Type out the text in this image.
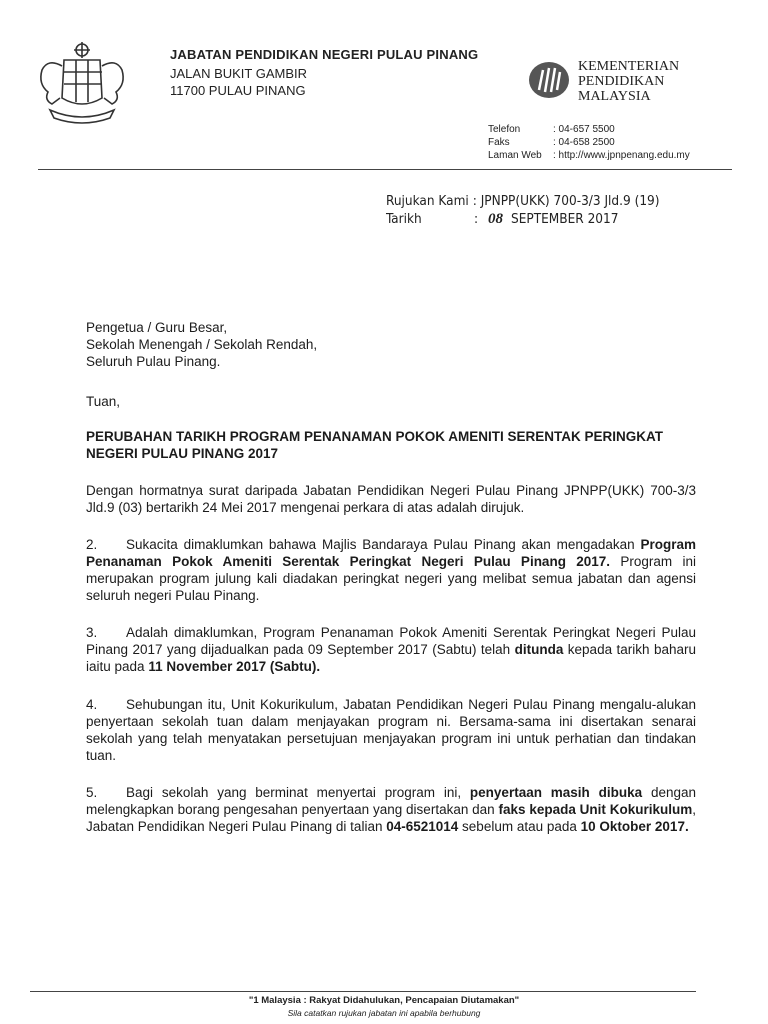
JABATAN PENDIDIKAN NEGERI PULAU PINANG
JALAN BUKIT GAMBIR
11700 PULAU PINANG
KEMENTERIAN
PENDIDIKAN
MALAYSIA
Telefon	: 04-657 5500
Faks	: 04-658 2500
Laman Web	: http://www.jpnpenang.edu.my
Rujukan Kami : JPNPP(UKK) 700-3/3 Jld.9 (19)
Tarikh	: 08 SEPTEMBER 2017
Pengetua / Guru Besar,
Sekolah Menengah / Sekolah Rendah,
Seluruh Pulau Pinang.
Tuan,
PERUBAHAN TARIKH PROGRAM PENANAMAN POKOK AMENITI SERENTAK PERINGKAT NEGERI PULAU PINANG 2017
Dengan hormatnya surat daripada Jabatan Pendidikan Negeri Pulau Pinang JPNPP(UKK) 700-3/3 Jld.9 (03) bertarikh 24 Mei 2017 mengenai perkara di atas adalah dirujuk.
2. Sukacita dimaklumkan bahawa Majlis Bandaraya Pulau Pinang akan mengadakan Program Penanaman Pokok Ameniti Serentak Peringkat Negeri Pulau Pinang 2017. Program ini merupakan program julung kali diadakan peringkat negeri yang melibat semua jabatan dan agensi seluruh negeri Pulau Pinang.
3. Adalah dimaklumkan, Program Penanaman Pokok Ameniti Serentak Peringkat Negeri Pulau Pinang 2017 yang dijadualkan pada 09 September 2017 (Sabtu) telah ditunda kepada tarikh baharu iaitu pada 11 November 2017 (Sabtu).
4. Sehubungan itu, Unit Kokurikulum, Jabatan Pendidikan Negeri Pulau Pinang mengalu-alukan penyertaan sekolah tuan dalam menjayakan program ni. Bersama-sama ini disertakan senarai sekolah yang telah menyatakan persetujuan menjayakan program ini untuk perhatian dan tindakan tuan.
5. Bagi sekolah yang berminat menyertai program ini, penyertaan masih dibuka dengan melengkapkan borang pengesahan penyertaan yang disertakan dan faks kepada Unit Kokurikulum, Jabatan Pendidikan Negeri Pulau Pinang di talian 04-6521014 sebelum atau pada 10 Oktober 2017.
"1 Malaysia : Rakyat Didahulukan, Pencapaian Diutamakan"
Sila catatkan rujukan jabatan ini apabila berhubung
